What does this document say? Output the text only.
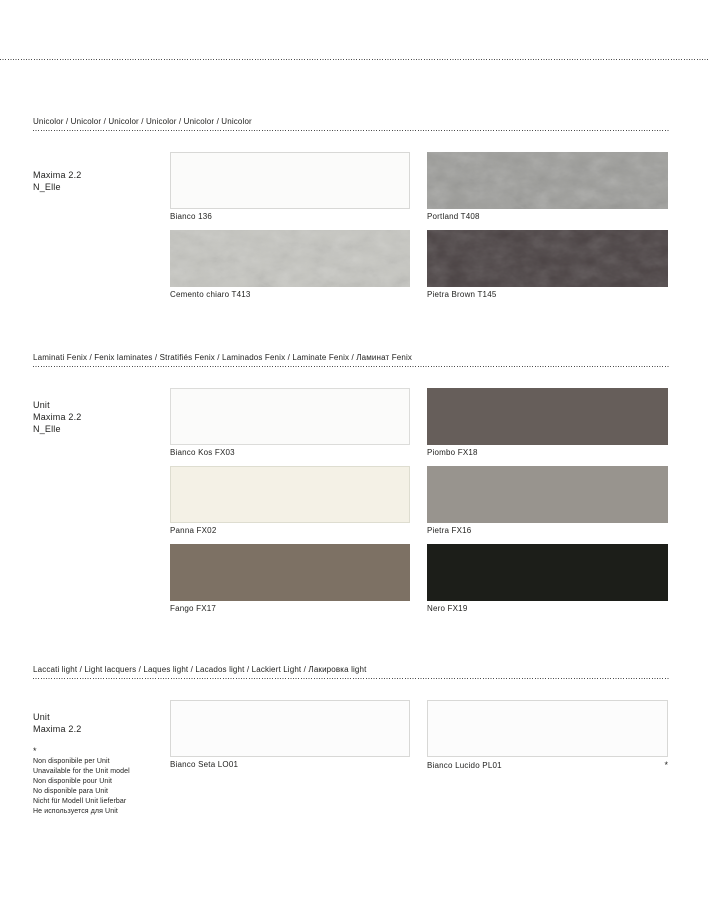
Unicolor / Unicolor / Unicolor / Unicolor / Unicolor / Unicolor
Maxima 2.2
N_Elle
Bianco 136	Portland T408
Cemento chiaro T413	Pietra Brown T145
Laminati Fenix / Fenix laminates / Stratifiés Fenix / Laminados Fenix / Laminate Fenix / Ламинат Fenix
Unit
Maxima 2.2
N_Elle
Bianco Kos FX03	Piombo FX18
Panna FX02	Pietra FX16
Fango FX17	Nero FX19
Laccati light / Light lacquers / Laques light / Lacados light / Lackiert Light / Лакировка light
Unit
Maxima 2.2
*
Non disponibile per Unit
Unavailable for the Unit model
Non disponible pour Unit
No disponible para Unit
Nicht für Modell Unit lieferbar
Не используется для Unit
Bianco Seta LO01	Bianco Lucido PL01	*
